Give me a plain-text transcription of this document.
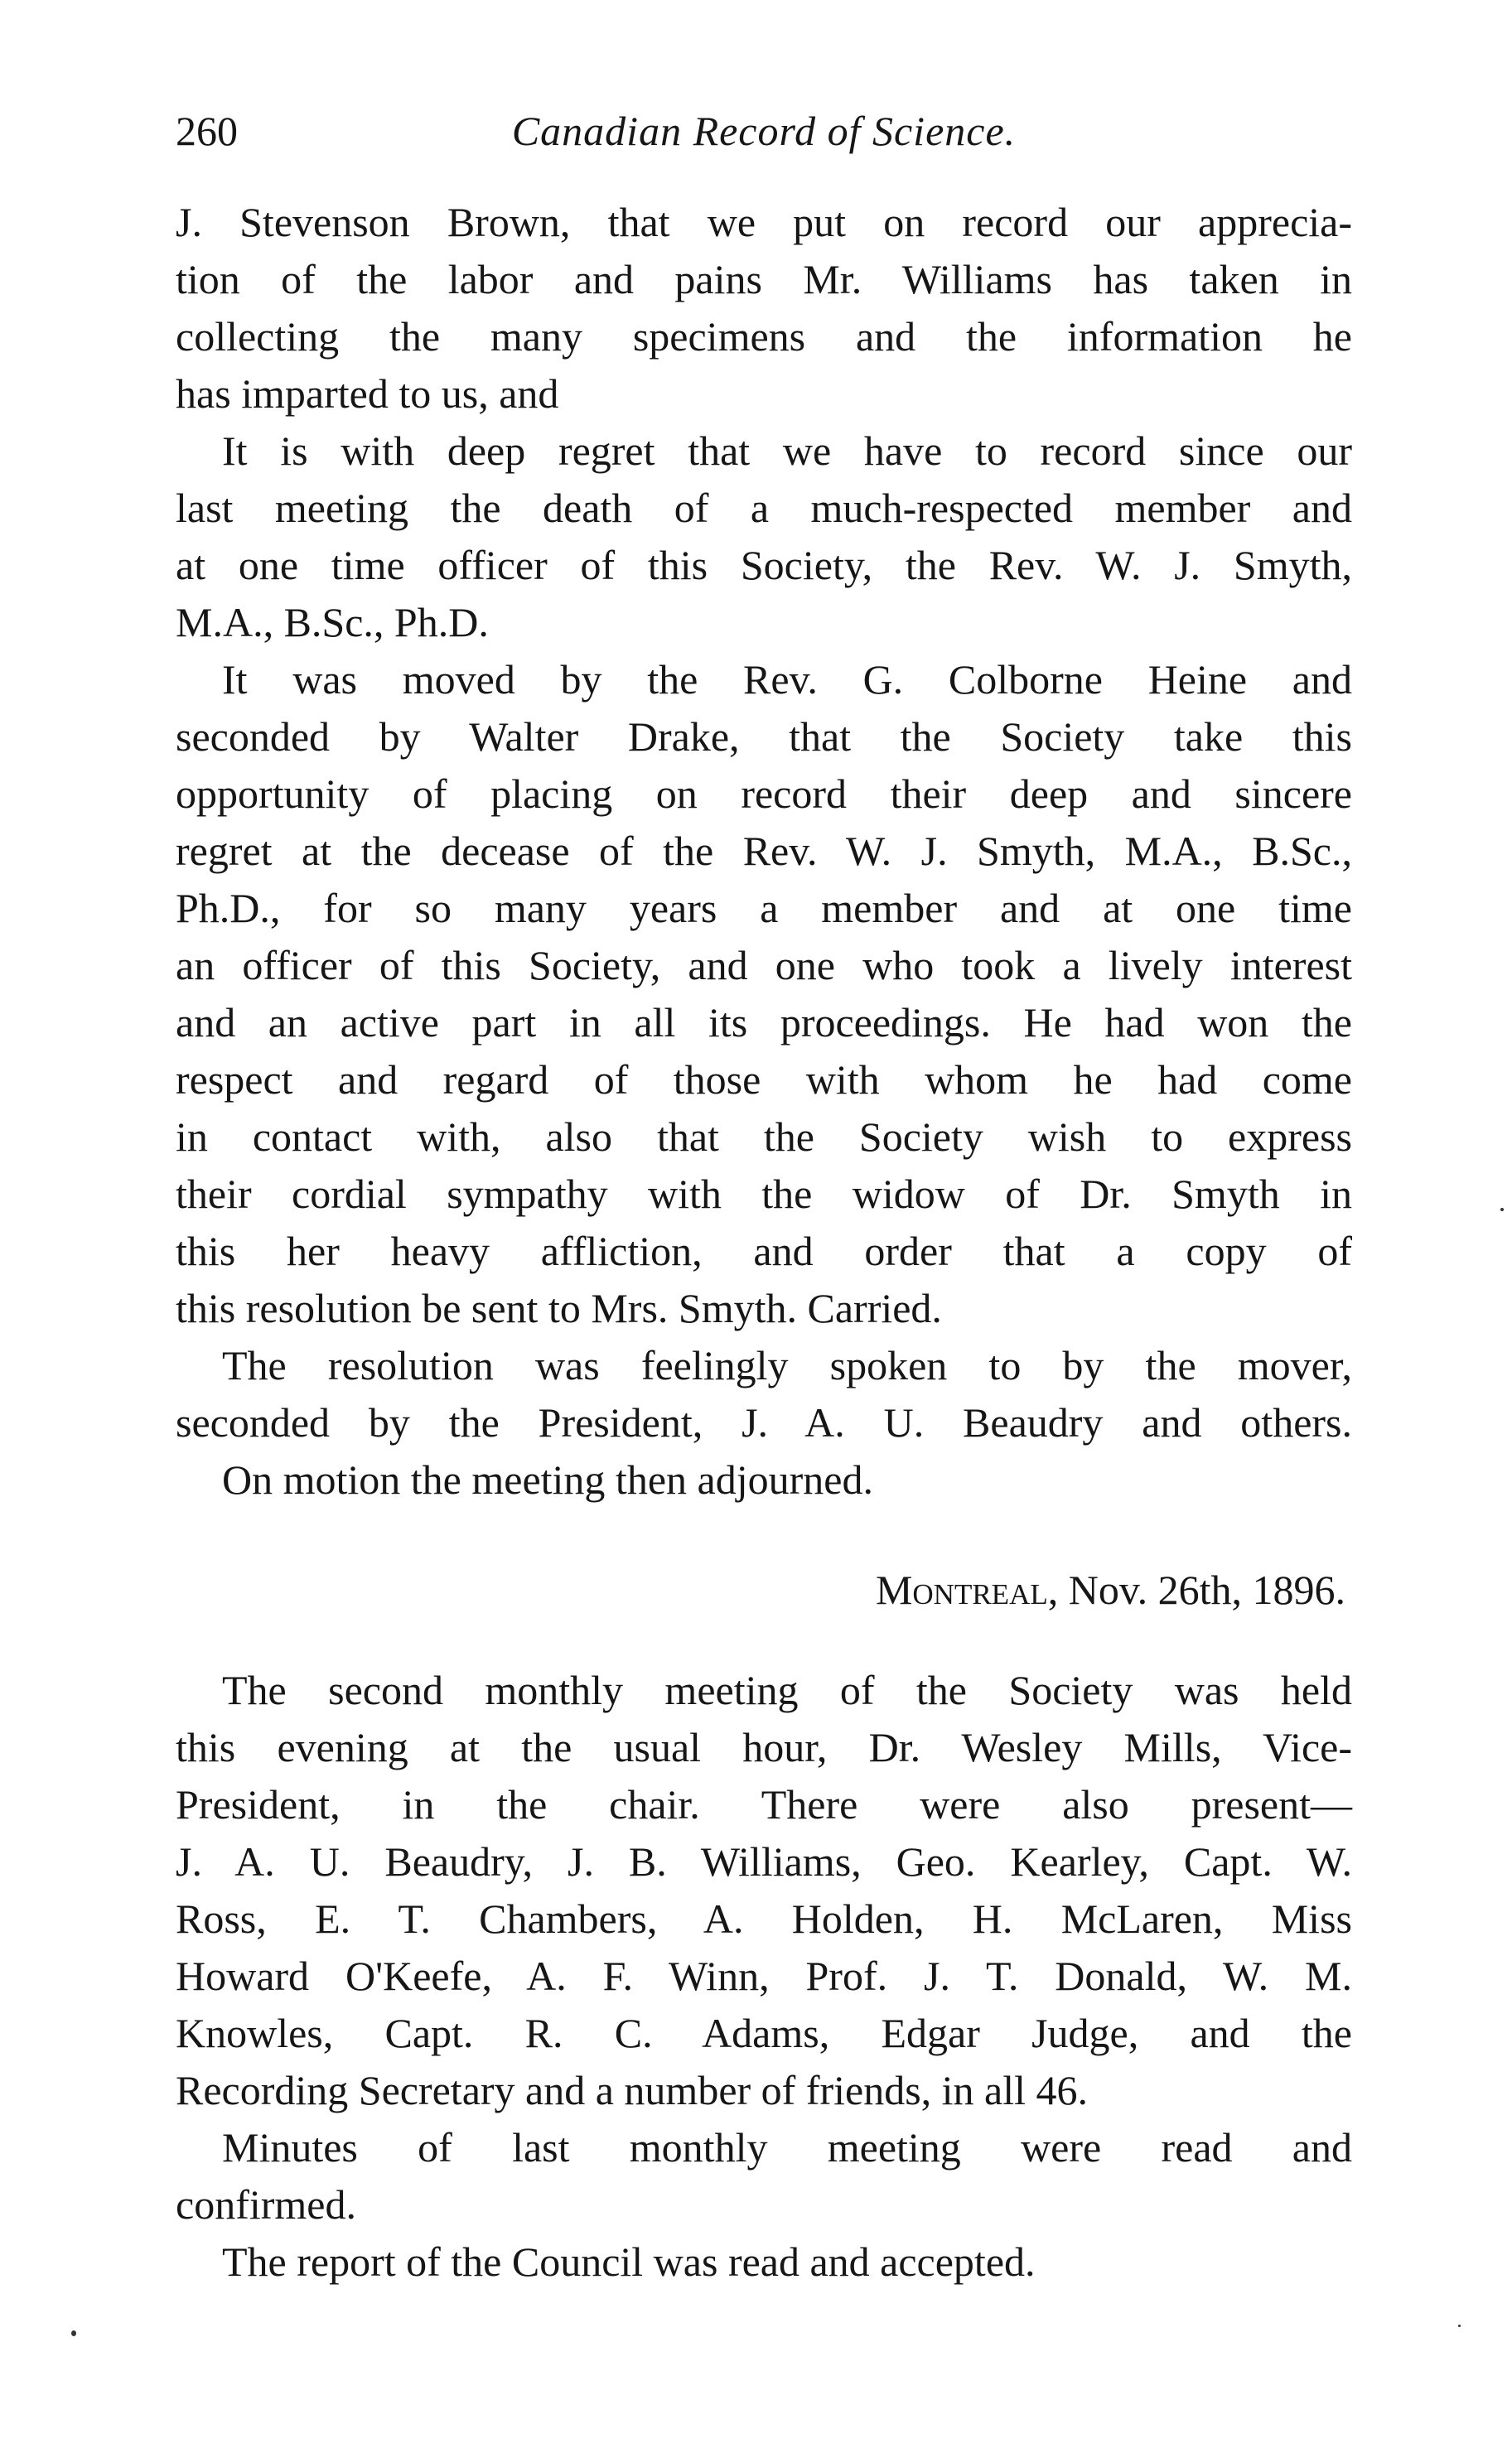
260	Canadian Record of Science.
J. Stevenson Brown, that we put on record our apprecia-
tion of the labor and pains Mr. Williams has taken in
collecting the many specimens and the information he
has imparted to us, and
It is with deep regret that we have to record since our
last meeting the death of a much-respected member and
at one time officer of this Society, the Rev. W. J. Smyth,
M.A., B.Sc., Ph.D.
It was moved by the Rev. G. Colborne Heine and
seconded by Walter Drake, that the Society take this
opportunity of placing on record their deep and sincere
regret at the decease of the Rev. W. J. Smyth, M.A., B.Sc.,
Ph.D., for so many years a member and at one time
an officer of this Society, and one who took a lively interest
and an active part in all its proceedings. He had won the
respect and regard of those with whom he had come
in contact with, also that the Society wish to express
their cordial sympathy with the widow of Dr. Smyth in
this her heavy affliction, and order that a copy of
this resolution be sent to Mrs. Smyth. Carried.
The resolution was feelingly spoken to by the mover,
seconded by the President, J. A. U. Beaudry and others.
On motion the meeting then adjourned.
Montreal, Nov. 26th, 1896.
The second monthly meeting of the Society was held
this evening at the usual hour, Dr. Wesley Mills, Vice-
President, in the chair. There were also present—
J. A. U. Beaudry, J. B. Williams, Geo. Kearley, Capt. W.
Ross, E. T. Chambers, A. Holden, H. McLaren, Miss
Howard O'Keefe, A. F. Winn, Prof. J. T. Donald, W. M.
Knowles, Capt. R. C. Adams, Edgar Judge, and the
Recording Secretary and a number of friends, in all 46.
Minutes of last monthly meeting were read and
confirmed.
The report of the Council was read and accepted.
